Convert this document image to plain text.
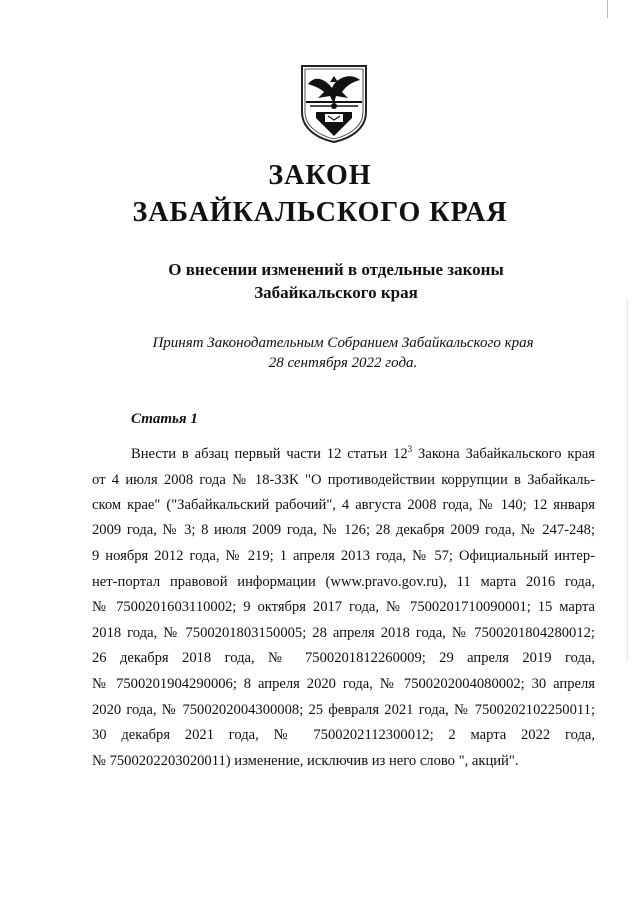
ЗАКОН
ЗАБАЙКАЛЬСКОГО КРАЯ
О внесении изменений в отдельные законы
Забайкальского края
Принят Законодательным Собранием Забайкальского края
28 сентября 2022 года.
Статья 1
Внести в абзац первый части 12 статьи $12^3$ Закона Забайкальского края
от 4 июля 2008 года № 18-ЗЗК "О противодействии коррупции в Забайкаль-
ском крае" ("Забайкальский рабочий", 4 августа 2008 года, № 140; 12 января
2009 года, № 3; 8 июля 2009 года, № 126; 28 декабря 2009 года, № 247-248;
9 ноября 2012 года, № 219; 1 апреля 2013 года, № 57; Официальный интер-
нет-портал правовой информации (www.pravo.gov.ru), 11 марта 2016 года,
№ 7500201603110002; 9 октября 2017 года, № 7500201710090001; 15 марта
2018 года, № 7500201803150005; 28 апреля 2018 года, № 7500201804280012;
26 декабря 2018 года, № 7500201812260009; 29 апреля 2019 года,
№ 7500201904290006; 8 апреля 2020 года, № 7500202004080002; 30 апреля
2020 года, № 7500202004300008; 25 февраля 2021 года, № 7500202102250011;
30 декабря 2021 года, № 7500202112300012; 2 марта 2022 года,
№ 7500202203020011) изменение, исключив из него слово ", акций".
